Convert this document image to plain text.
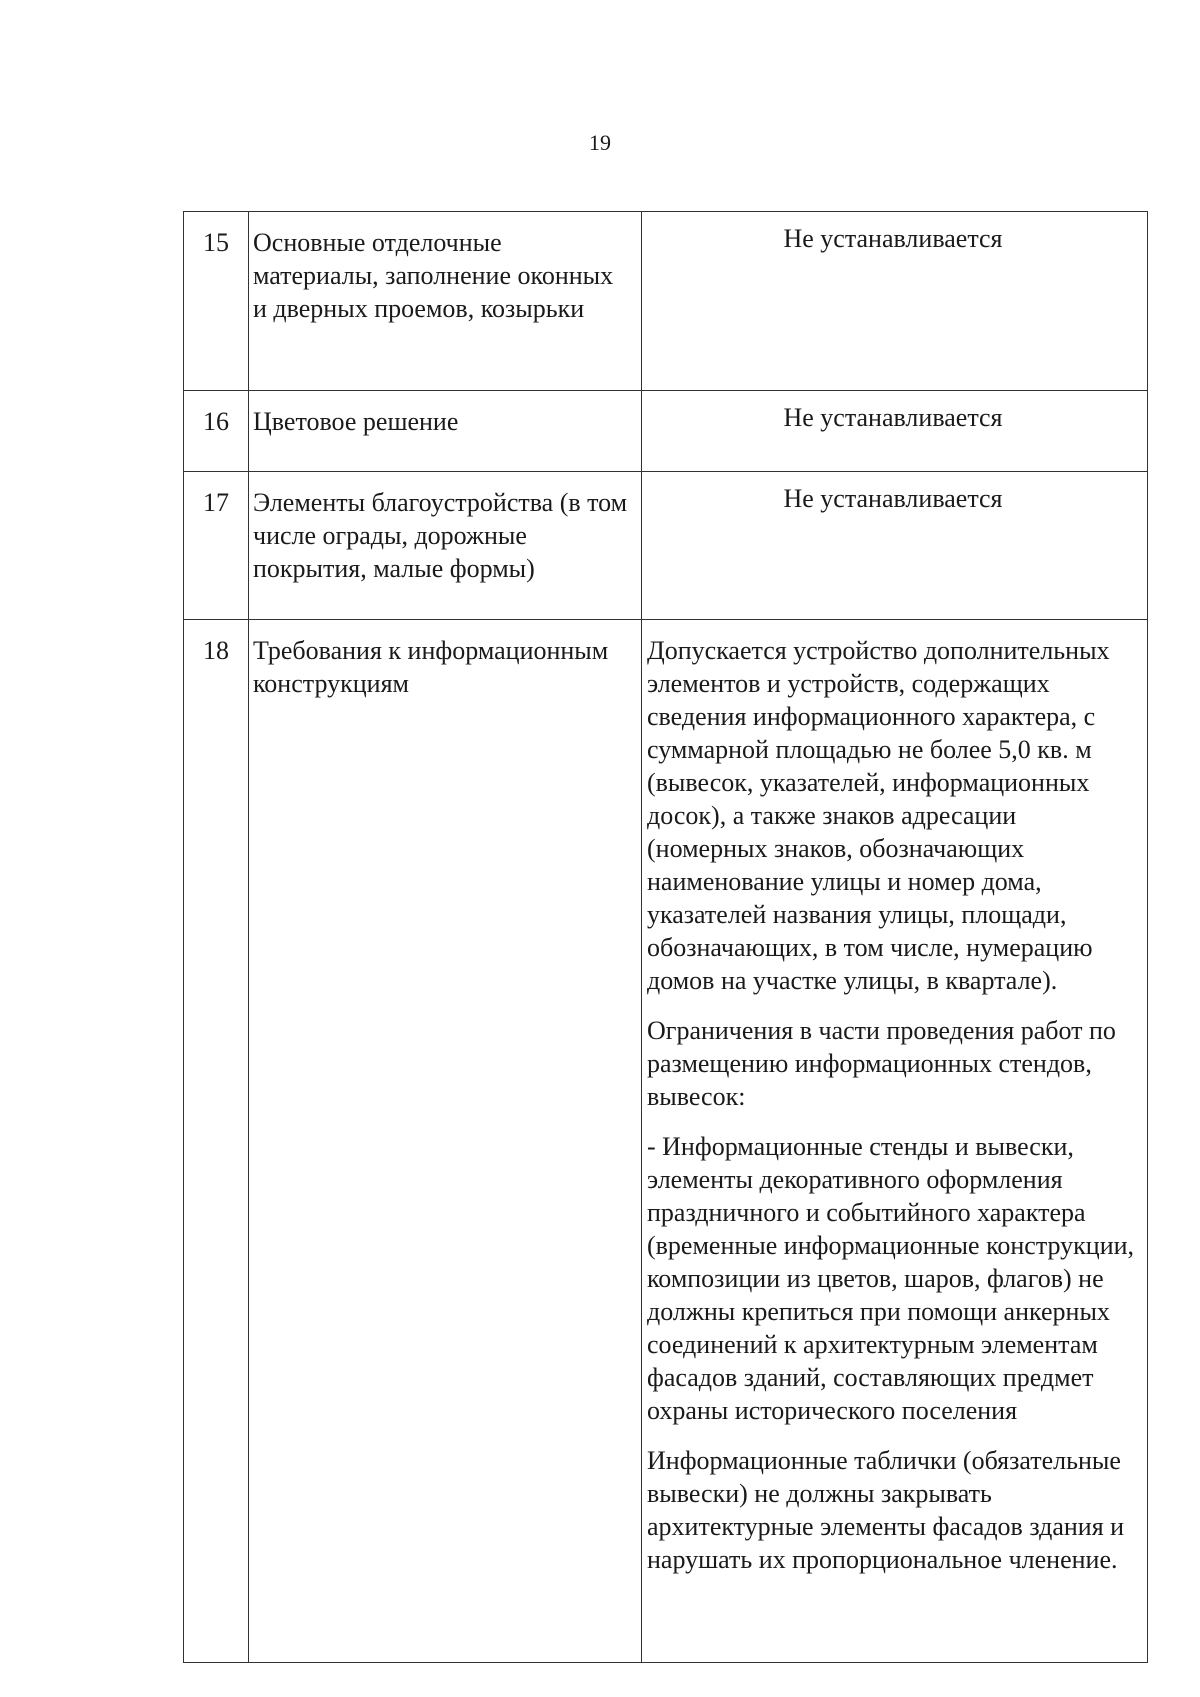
19
15	Основные отделочные материалы, заполнение оконных и дверных проемов, козырьки	Не устанавливается

16	Цветовое решение	Не устанавливается

17	Элементы благоустройства (в том числе ограды, дорожные покрытия, малые формы)	Не устанавливается

18	Требования к информационным конструкциям	Допускается устройство дополнительных элементов и устройств, содержащих сведения информационного характера, с суммарной площадью не более 5,0 кв. м (вывесок, указателей, информационных досок), а также знаков адресации (номерных знаков, обозначающих наименование улицы и номер дома, указателей названия улицы, площади, обозначающих, в том числе, нумерацию домов на участке улицы, в квартале).
Ограничения в части проведения работ по размещению информационных стендов, вывесок:
- Информационные стенды и вывески, элементы декоративного оформления праздничного и событийного характера (временные информационные конструкции, композиции из цветов, шаров, флагов) не должны крепиться при помощи анкерных соединений к архитектурным элементам фасадов зданий, составляющих предмет охраны исторического поселения
Информационные таблички (обязательные вывески) не должны закрывать архитектурные элементы фасадов здания и нарушать их пропорциональное членение.
